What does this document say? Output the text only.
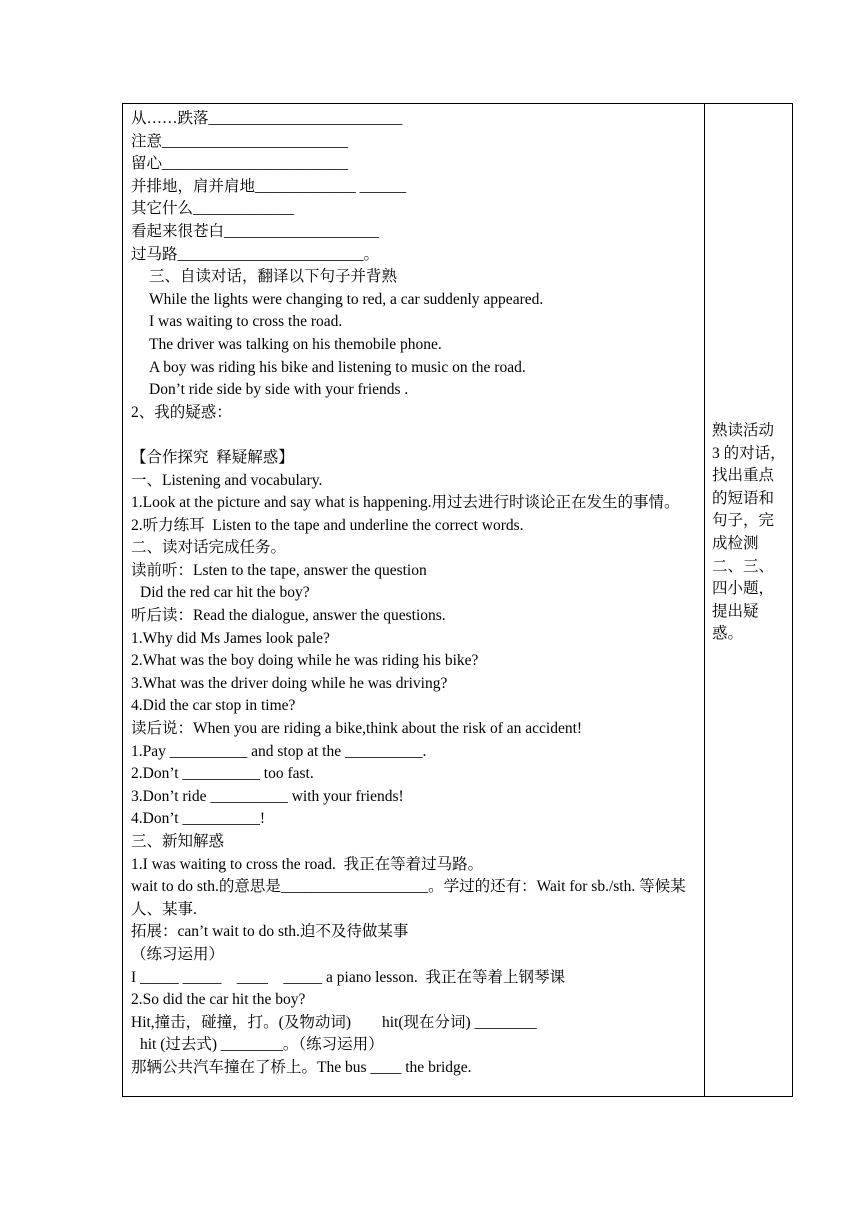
从……跌落_________________________
注意________________________
留心________________________
并排地，肩并肩地_____________ ______
其它什么_____________
看起来很苍白____________________
过马路________________________。
三、自读对话，翻译以下句子并背熟
While the lights were changing to red, a car suddenly appeared.
I was waiting to cross the road.
The driver was talking on his themobile phone.
A boy was riding his bike and listening to music on the road.
Don’t ride side by side with your friends .
2、我的疑惑：
【合作探究  释疑解惑】
一、Listening and vocabulary.
1.Look at the picture and say what is happening.用过去进行时谈论正在发生的事情。
2.听力练耳  Listen to the tape and underline the correct words.
二、读对话完成任务。
读前听：Lsten to the tape, answer the question
Did the red car hit the boy?
听后读：Read the dialogue, answer the questions.
1.Why did Ms James look pale?
2.What was the boy doing while he was riding his bike?
3.What was the driver doing while he was driving?
4.Did the car stop in time?
读后说：When you are riding a bike,think about the risk of an accident!
1.Pay __________ and stop at the __________.
2.Don’t __________ too fast.
3.Don’t ride __________ with your friends!
4.Don’t __________!
三、新知解惑
1.I was waiting to cross the road.  我正在等着过马路。
wait to do sth.的意思是___________________。学过的还有：Wait for sb./sth. 等候某人、某事.
拓展：can’t wait to do sth.迫不及待做某事
（练习运用）
I _____ _____    ____    _____ a piano lesson.  我正在等着上钢琴课
2.So did the car hit the boy?
Hit,撞击，碰撞，打。(及物动词)        hit(现在分词) ________
hit (过去式) ________。（练习运用）
那辆公共汽车撞在了桥上。The bus ____ the bridge.
熟读活动
3 的对话，
找出重点
的短语和
句子，完
成检测
二、三、
四小题，
提出疑
惑。
